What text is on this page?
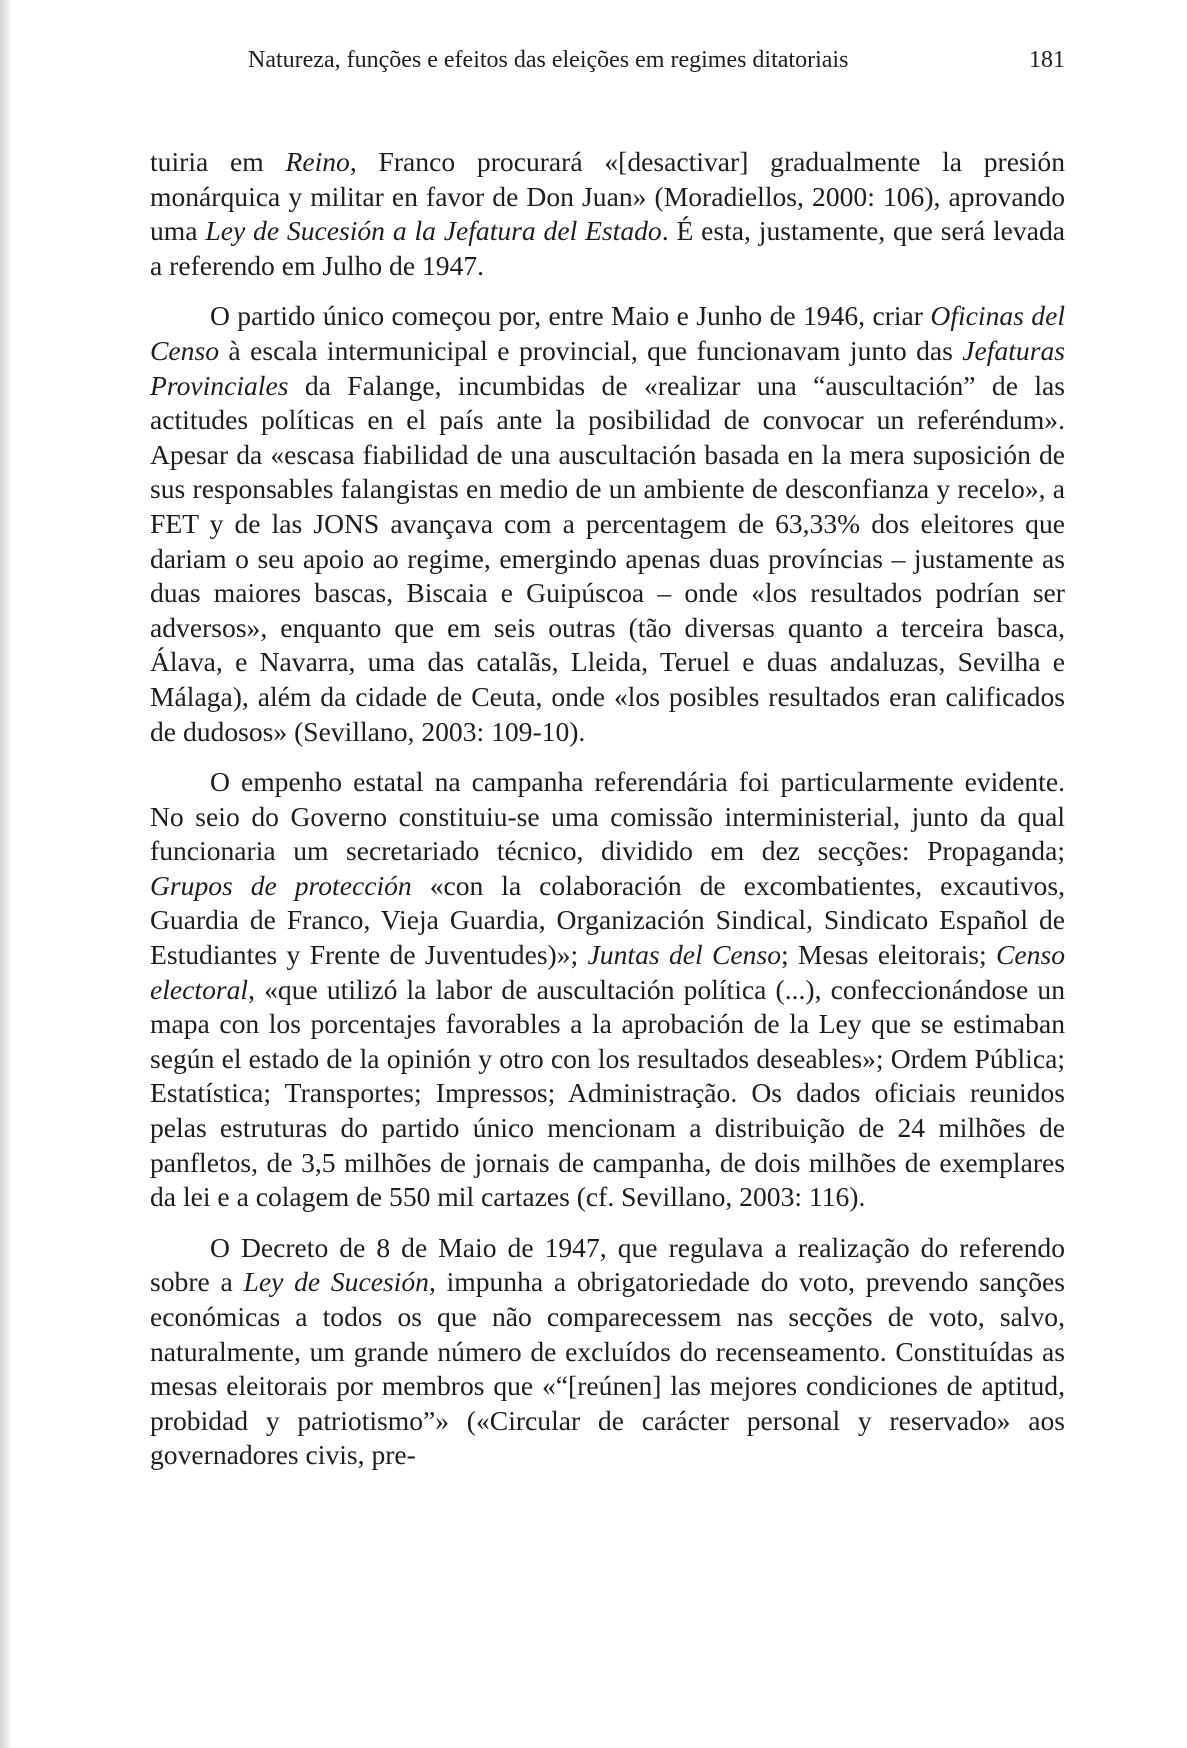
Natureza, funções e efeitos das eleições em regimes ditatoriais	181

tuiria em Reino, Franco procurará «[desactivar] gradualmente la presión monárquica y militar en favor de Don Juan» (Moradiellos, 2000: 106), aprovando uma Ley de Sucesión a la Jefatura del Estado. É esta, justamente, que será levada a referendo em Julho de 1947.

O partido único começou por, entre Maio e Junho de 1946, criar Oficinas del Censo à escala intermunicipal e provincial, que funcionavam junto das Jefaturas Provinciales da Falange, incumbidas de «realizar una “auscultación” de las actitudes políticas en el país ante la posibilidad de convocar un referéndum». Apesar da «escasa fiabilidad de una auscultación basada en la mera suposición de sus responsables falangistas en medio de un ambiente de desconfianza y recelo», a FET y de las JONS avançava com a percentagem de 63,33% dos eleitores que dariam o seu apoio ao regime, emergindo apenas duas províncias – justamente as duas maiores bascas, Biscaia e Guipúscoa – onde «los resultados podrían ser adversos», enquanto que em seis outras (tão diversas quanto a terceira basca, Álava, e Navarra, uma das catalãs, Lleida, Teruel e duas andaluzas, Sevilha e Málaga), além da cidade de Ceuta, onde «los posibles resultados eran calificados de dudosos» (Sevillano, 2003: 109-10).

O empenho estatal na campanha referendária foi particularmente evidente. No seio do Governo constituiu-se uma comissão interministerial, junto da qual funcionaria um secretariado técnico, dividido em dez secções: Propaganda; Grupos de protección «con la colaboración de excombatientes, excautivos, Guardia de Franco, Vieja Guardia, Organización Sindical, Sindicato Español de Estudiantes y Frente de Juventudes)»; Juntas del Censo; Mesas eleitorais; Censo electoral, «que utilizó la labor de auscultación política (...), confeccionándose un mapa con los porcentajes favorables a la aprobación de la Ley que se estimaban según el estado de la opinión y otro con los resultados deseables»; Ordem Pública; Estatística; Transportes; Impressos; Administração. Os dados oficiais reunidos pelas estruturas do partido único mencionam a distribuição de 24 milhões de panfletos, de 3,5 milhões de jornais de campanha, de dois milhões de exemplares da lei e a colagem de 550 mil cartazes (cf. Sevillano, 2003: 116).

O Decreto de 8 de Maio de 1947, que regulava a realização do referendo sobre a Ley de Sucesión, impunha a obrigatoriedade do voto, prevendo sanções económicas a todos os que não comparecessem nas secções de voto, salvo, naturalmente, um grande número de excluídos do recenseamento. Constituídas as mesas eleitorais por membros que «“[reúnen] las mejores condiciones de aptitud, probidad y patriotismo”» («Circular de carácter personal y reservado» aos governadores civis, pre-
